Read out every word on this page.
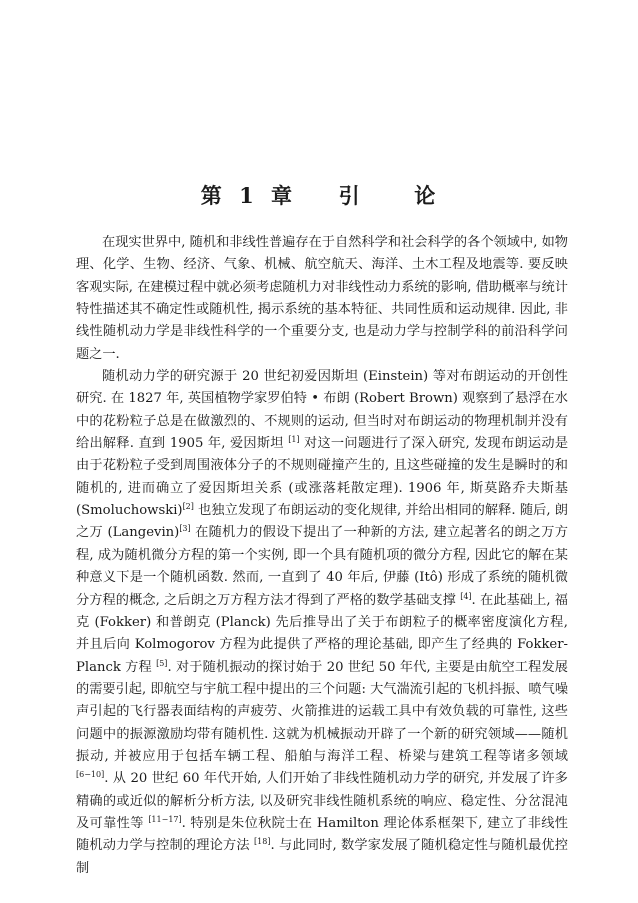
第 1 章 引	论

在现实世界中, 随机和非线性普遍存在于自然科学和社会科学的各个领域中, 如物理、化学、生物、经济、气象、机械、航空航天、海洋、土木工程及地震等. 要反映客观实际, 在建模过程中就必须考虑随机力对非线性动力系统的影响, 借助概率与统计特性描述其不确定性或随机性, 揭示系统的基本特征、共同性质和运动规律. 因此, 非线性随机动力学是非线性科学的一个重要分支, 也是动力学与控制学科的前沿科学问题之一.

随机动力学的研究源于 20 世纪初爱因斯坦 (Einstein) 等对布朗运动的开创性研究. 在 1827 年, 英国植物学家罗伯特 • 布朗 (Robert Brown) 观察到了悬浮在水中的花粉粒子总是在做激烈的、不规则的运动, 但当时对布朗运动的物理机制并没有给出解释. 直到 1905 年, 爱因斯坦 [1] 对这一问题进行了深入研究, 发现布朗运动是由于花粉粒子受到周围液体分子的不规则碰撞产生的, 且这些碰撞的发生是瞬时的和随机的, 进而确立了爱因斯坦关系 (或涨落耗散定理). 1906 年, 斯莫路乔夫斯基 (Smoluchowski)[2] 也独立发现了布朗运动的变化规律, 并给出相同的解释. 随后, 朗之万 (Langevin)[3] 在随机力的假设下提出了一种新的方法, 建立起著名的朗之万方程, 成为随机微分方程的第一个实例, 即一个具有随机项的微分方程, 因此它的解在某种意义下是一个随机函数. 然而, 一直到了 40 年后, 伊藤 (Itô) 形成了系统的随机微分方程的概念, 之后朗之万方程方法才得到了严格的数学基础支撑 [4]. 在此基础上, 福克 (Fokker) 和普朗克 (Planck) 先后推导出了关于布朗粒子的概率密度演化方程, 并且后向 Kolmogorov 方程为此提供了严格的理论基础, 即产生了经典的 Fokker-Planck 方程 [5]. 对于随机振动的探讨始于 20 世纪 50 年代, 主要是由航空工程发展的需要引起, 即航空与宇航工程中提出的三个问题: 大气湍流引起的飞机抖振、喷气噪声引起的飞行器表面结构的声疲劳、火箭推进的运载工具中有效负载的可靠性, 这些问题中的振源激励均带有随机性. 这就为机械振动开辟了一个新的研究领域——随机振动, 并被应用于包括车辆工程、船舶与海洋工程、桥梁与建筑工程等诸多领域 [6−10]. 从 20 世纪 60 年代开始, 人们开始了非线性随机动力学的研究, 并发展了许多精确的或近似的解析分析方法, 以及研究非线性随机系统的响应、稳定性、分岔混沌及可靠性等 [11−17]. 特别是朱位秋院士在 Hamilton 理论体系框架下, 建立了非线性随机动力学与控制的理论方法 [18]. 与此同时, 数学家发展了随机稳定性与随机最优控制
